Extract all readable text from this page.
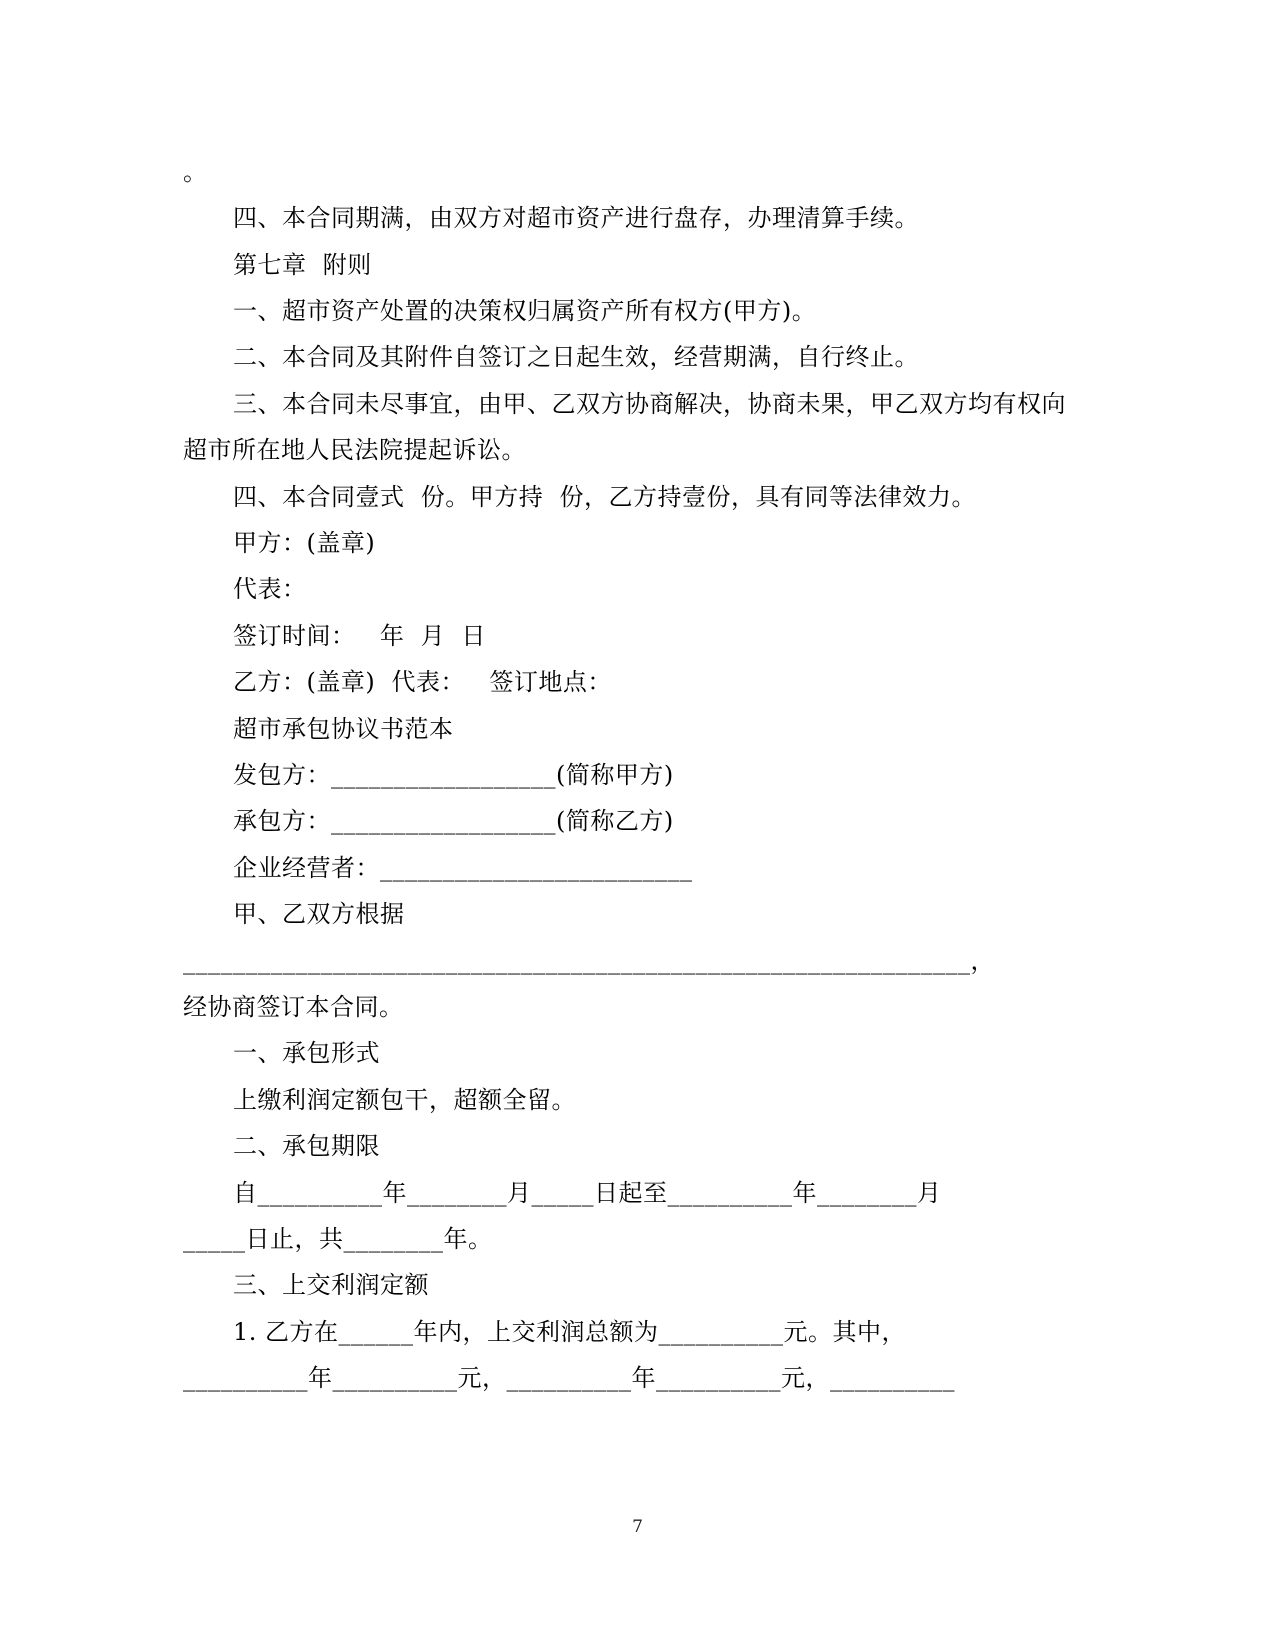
。
四、本合同期满，由双方对超市资产进行盘存，办理清算手续。
第七章  附则
一、超市资产处置的决策权归属资产所有权方(甲方)。
二、本合同及其附件自签订之日起生效，经营期满，自行终止。
三、本合同未尽事宜，由甲、乙双方协商解决，协商未果，甲乙双方均有权向
超市所在地人民法院提起诉讼。
四、本合同壹式  份。甲方持  份，乙方持壹份，具有同等法律效力。
甲方：(盖章)
代表：
签订时间：   年  月  日
乙方：(盖章)  代表：   签订地点：
超市承包协议书范本
发包方：__________________(简称甲方)
承包方：__________________(简称乙方)
企业经营者：_________________________
甲、乙双方根据
_______________________________________________________________，
经协商签订本合同。
一、承包形式
上缴利润定额包干，超额全留。
二、承包期限
自__________年________月_____日起至__________年________月
_____日止，共________年。
三、上交利润定额
1. 乙方在______年内，上交利润总额为__________元。其中，
__________年__________元，__________年__________元，__________
7
